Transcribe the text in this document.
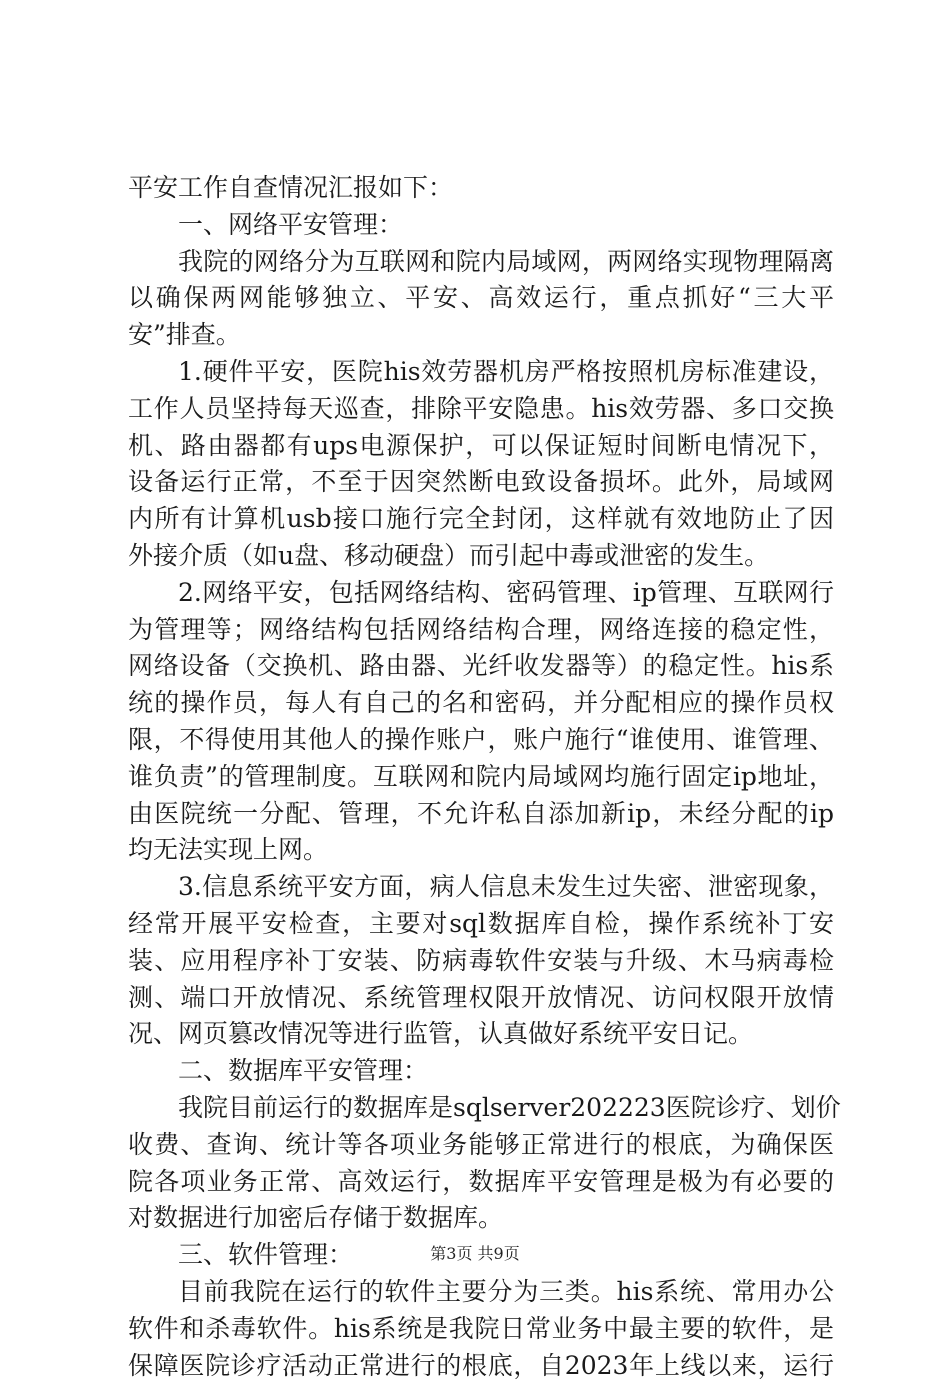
平安工作自查情况汇报如下：
一、网络平安管理：
我院的网络分为互联网和院内局域网，两网络实现物理隔离
以确保两网能够独立、平安、高效运行，重点抓好“三大平
安”排查。
1.硬件平安，医院his效劳器机房严格按照机房标准建设，
工作人员坚持每天巡查，排除平安隐患。his效劳器、多口交换
机、路由器都有ups电源保护，可以保证短时间断电情况下，
设备运行正常，不至于因突然断电致设备损坏。此外，局域网
内所有计算机usb接口施行完全封闭，这样就有效地防止了因
外接介质（如u盘、移动硬盘）而引起中毒或泄密的发生。
2.网络平安，包括网络结构、密码管理、ip管理、互联网行
为管理等；网络结构包括网络结构合理，网络连接的稳定性，
网络设备（交换机、路由器、光纤收发器等）的稳定性。his系
统的操作员，每人有自己的名和密码，并分配相应的操作员权
限，不得使用其他人的操作账户，账户施行“谁使用、谁管理、
谁负责”的管理制度。互联网和院内局域网均施行固定ip地址，
由医院统一分配、管理，不允许私自添加新ip，未经分配的ip
均无法实现上网。
3.信息系统平安方面，病人信息未发生过失密、泄密现象，
经常开展平安检查，主要对sql数据库自检，操作系统补丁安
装、应用程序补丁安装、防病毒软件安装与升级、木马病毒检
测、端口开放情况、系统管理权限开放情况、访问权限开放情
况、网页篡改情况等进行监管，认真做好系统平安日记。
二、数据库平安管理：
我院目前运行的数据库是sqlserver202223医院诊疗、划价
收费、查询、统计等各项业务能够正常进行的根底，为确保医
院各项业务正常、高效运行，数据库平安管理是极为有必要的
对数据进行加密后存储于数据库。
三、软件管理：
目前我院在运行的软件主要分为三类。his系统、常用办公
软件和杀毒软件。his系统是我院日常业务中最主要的软件，是
保障医院诊疗活动正常进行的根底，自2023年上线以来，运行
第3页 共9页
